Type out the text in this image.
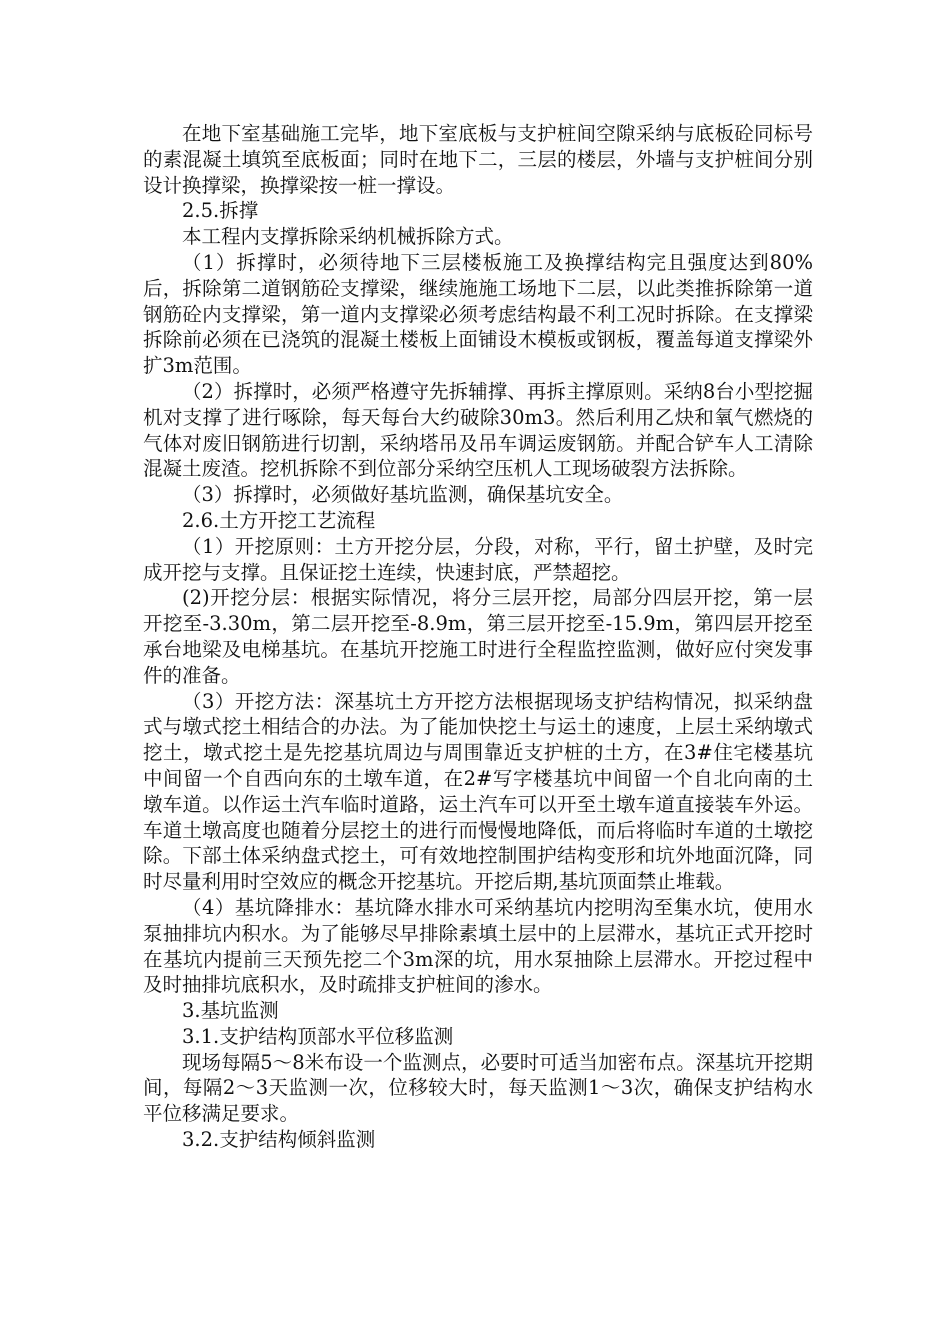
在地下室基础施工完毕，地下室底板与支护桩间空隙采纳与底板砼同标号的素混凝土填筑至底板面；同时在地下二，三层的楼层，外墙与支护桩间分别设计换撑梁，换撑梁按一桩一撑设。

2.5.拆撑

本工程内支撑拆除采纳机械拆除方式。

（1）拆撑时，必须待地下三层楼板施工及换撑结构完且强度达到80%后，拆除第二道钢筋砼支撑梁，继续施施工场地下二层，以此类推拆除第一道钢筋砼内支撑梁，第一道内支撑梁必须考虑结构最不利工况时拆除。在支撑梁拆除前必须在已浇筑的混凝土楼板上面铺设木模板或钢板，覆盖每道支撑梁外扩3m范围。

（2）拆撑时，必须严格遵守先拆辅撑、再拆主撑原则。采纳8台小型挖掘机对支撑了进行啄除，每天每台大约破除30m3。然后利用乙炔和氧气燃烧的气体对废旧钢筋进行切割，采纳塔吊及吊车调运废钢筋。并配合铲车人工清除混凝土废渣。挖机拆除不到位部分采纳空压机人工现场破裂方法拆除。

（3）拆撑时，必须做好基坑监测，确保基坑安全。

2.6.土方开挖工艺流程

（1）开挖原则：土方开挖分层，分段，对称，平行，留土护壁，及时完成开挖与支撑。且保证挖土连续，快速封底，严禁超挖。

(2)开挖分层：根据实际情况，将分三层开挖，局部分四层开挖，第一层开挖至-3.30m，第二层开挖至-8.9m，第三层开挖至-15.9m，第四层开挖至承台地梁及电梯基坑。在基坑开挖施工时进行全程监控监测，做好应付突发事件的准备。

（3）开挖方法：深基坑土方开挖方法根据现场支护结构情况，拟采纳盘式与墩式挖土相结合的办法。为了能加快挖土与运土的速度，上层土采纳墩式挖土，墩式挖土是先挖基坑周边与周围靠近支护桩的土方，在3#住宅楼基坑中间留一个自西向东的土墩车道，在2#写字楼基坑中间留一个自北向南的土墩车道。以作运土汽车临时道路，运土汽车可以开至土墩车道直接装车外运。车道土墩高度也随着分层挖土的进行而慢慢地降低，而后将临时车道的土墩挖除。下部土体采纳盘式挖土，可有效地控制围护结构变形和坑外地面沉降，同时尽量利用时空效应的概念开挖基坑。开挖后期,基坑顶面禁止堆载。

（4）基坑降排水：基坑降水排水可采纳基坑内挖明沟至集水坑，使用水泵抽排坑内积水。为了能够尽早排除素填土层中的上层滞水，基坑正式开挖时在基坑内提前三天预先挖二个3m深的坑，用水泵抽除上层滞水。开挖过程中及时抽排坑底积水，及时疏排支护桩间的渗水。

3.基坑监测

3.1.支护结构顶部水平位移监测

现场每隔5～8米布设一个监测点，必要时可适当加密布点。深基坑开挖期间，每隔2～3天监测一次，位移较大时，每天监测1～3次，确保支护结构水平位移满足要求。

3.2.支护结构倾斜监测
